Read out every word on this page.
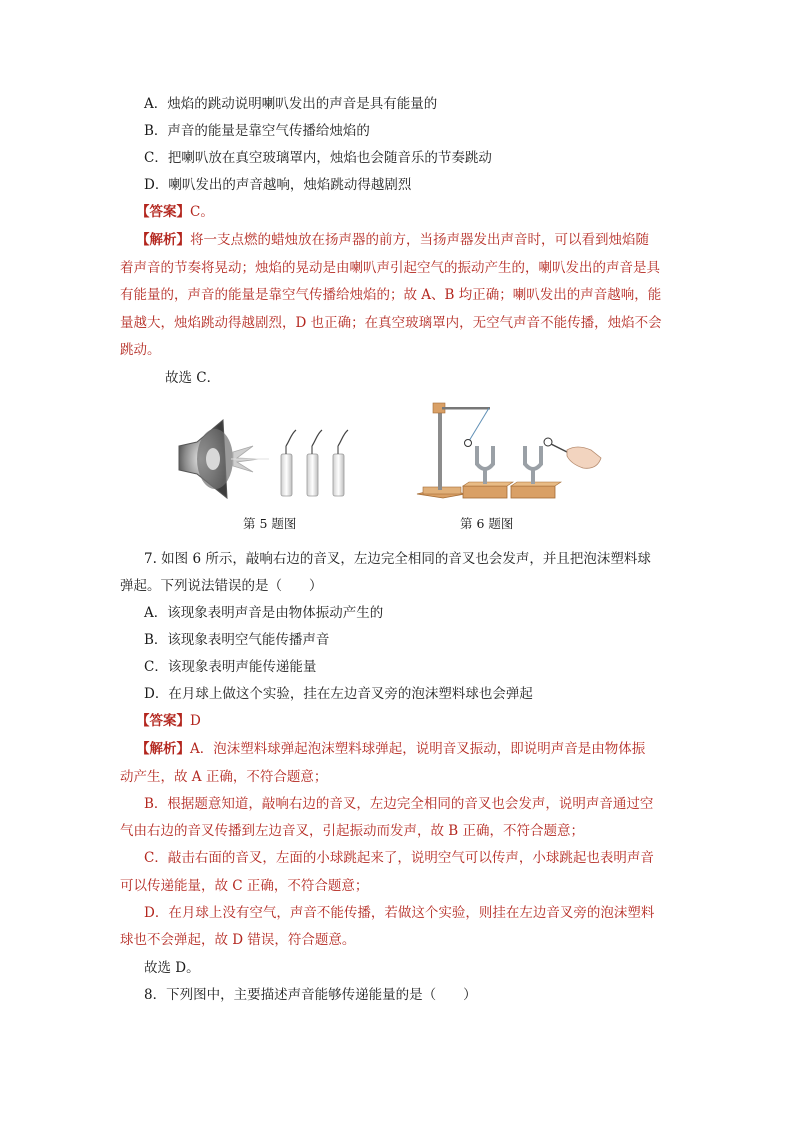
A．烛焰的跳动说明喇叭发出的声音是具有能量的
B．声音的能量是靠空气传播给烛焰的
C．把喇叭放在真空玻璃罩内，烛焰也会随音乐的节奏跳动
D．喇叭发出的声音越响，烛焰跳动得越剧烈
【答案】C。
【解析】将一支点燃的蜡烛放在扬声器的前方，当扬声器发出声音时，可以看到烛焰随
着声音的节奏将晃动；烛焰的晃动是由喇叭声引起空气的振动产生的，喇叭发出的声音是具
有能量的，声音的能量是靠空气传播给烛焰的；故 A、B 均正确；喇叭发出的声音越响，能
量越大，烛焰跳动得越剧烈，D 也正确；在真空玻璃罩内，无空气声音不能传播，烛焰不会
跳动。
故选 C．
第 5 题图	第 6 题图
7. 如图 6 所示，敲响右边的音叉，左边完全相同的音叉也会发声，并且把泡沫塑料球
弹起。下列说法错误的是（　　）
A．该现象表明声音是由物体振动产生的
B．该现象表明空气能传播声音
C．该现象表明声能传递能量
D．在月球上做这个实验，挂在左边音叉旁的泡沫塑料球也会弹起
【答案】D
【解析】A．泡沫塑料球弹起泡沫塑料球弹起，说明音叉振动，即说明声音是由物体振
动产生，故 A 正确，不符合题意；
B．根据题意知道，敲响右边的音叉，左边完全相同的音叉也会发声，说明声音通过空
气由右边的音叉传播到左边音叉，引起振动而发声，故 B 正确，不符合题意；
C．敲击右面的音叉，左面的小球跳起来了，说明空气可以传声，小球跳起也表明声音
可以传递能量，故 C 正确，不符合题意；
D．在月球上没有空气，声音不能传播，若做这个实验，则挂在左边音叉旁的泡沫塑料
球也不会弹起，故 D 错误，符合题意。
故选 D。
8．下列图中，主要描述声音能够传递能量的是（　　）
